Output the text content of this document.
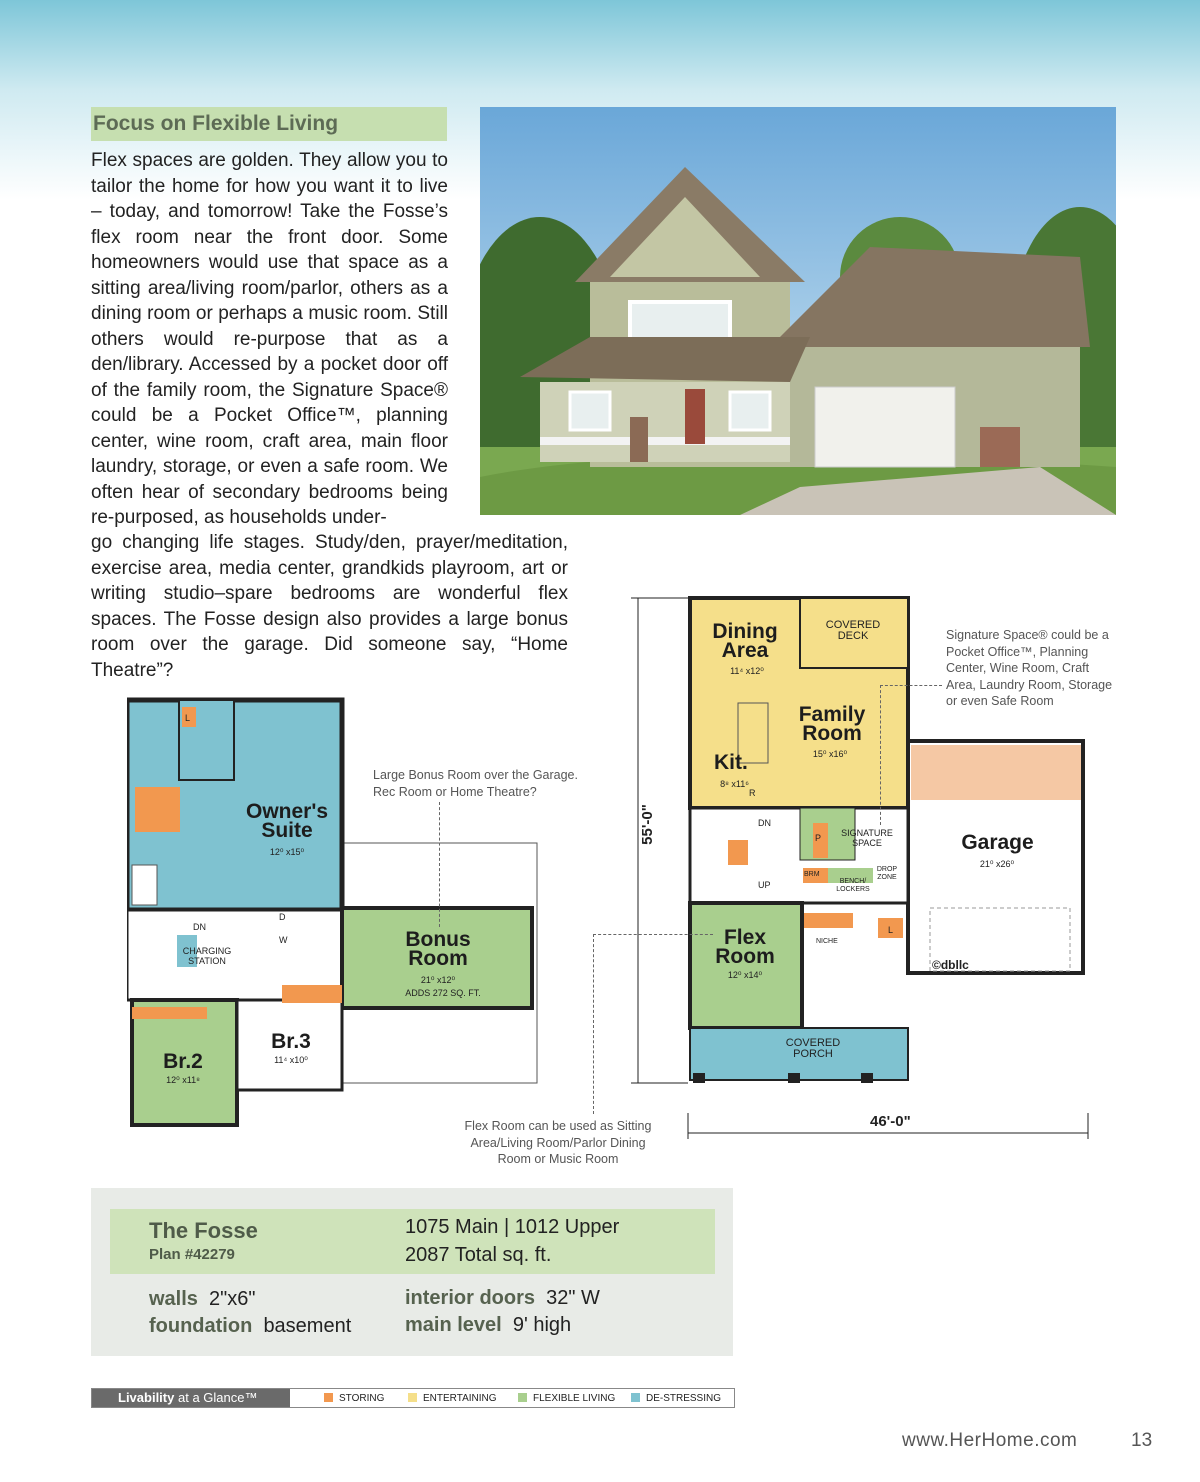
Focus on Flexible Living
Flex spaces are golden. They allow you to tailor the home for how you want it to live – today, and tomorrow! Take the Fosse’s flex room near the front door. Some homeowners would use that space as a sitting area/living room/parlor, others as a dining room or perhaps a music room. Still others would re-purpose that as a den/library. Accessed by a pocket door off of the family room, the Signature Space® could be a Pocket Office™, planning center, wine room, craft area, main floor laundry, storage, or even a safe room. We often hear of secondary bedrooms being re-purposed, as households under-
go changing life stages. Study/den, prayer/meditation, exercise area, media center, grandkids playroom, art or writing studio–spare bedrooms are wonderful flex spaces. The Fosse design also provides a large bonus room over the garage. Did someone say, “Home Theatre”?
Owner's Suite
12⁰ x15⁰
Bonus Room
21⁰ x12⁰
ADDS 272 SQ. FT.
Br.2
12⁰ x11⁸
Br.3
11⁴ x10⁰
CHARGING STATION
DN
D
W
L
Large Bonus Room over the Garage. Rec Room or Home Theatre?
55'-0"
46'-0"
Dining Area
11⁴ x12⁰
COVERED DECK
Family Room
15⁰ x16⁰
Kit.
8⁸ x11⁶
R
SIGNATURE SPACE
P	Garage
21⁰ x26⁰
Flex Room
12⁰ x14⁰
COVERED PORCH
BENCH/ LOCKERS
DROP ZONE
BRM
NICHE
UP
DN
L
©dbllc
Signature Space® could be a Pocket Office™, Planning Center, Wine Room, Craft Area, Laundry Room, Storage or even Safe Room
Flex Room can be used as Sitting Area/Living Room/Parlor Dining Room or Music Room
The Fosse
Plan #42279
1075 Main | 1012 Upper
2087 Total sq. ft.
walls 2"x6"
foundation basement
interior doors 32" W
main level 9' high
Livability at a Glance™	STORING	ENTERTAINING	FLEXIBLE LIVING	DE-STRESSING
www.HerHome.com	13
